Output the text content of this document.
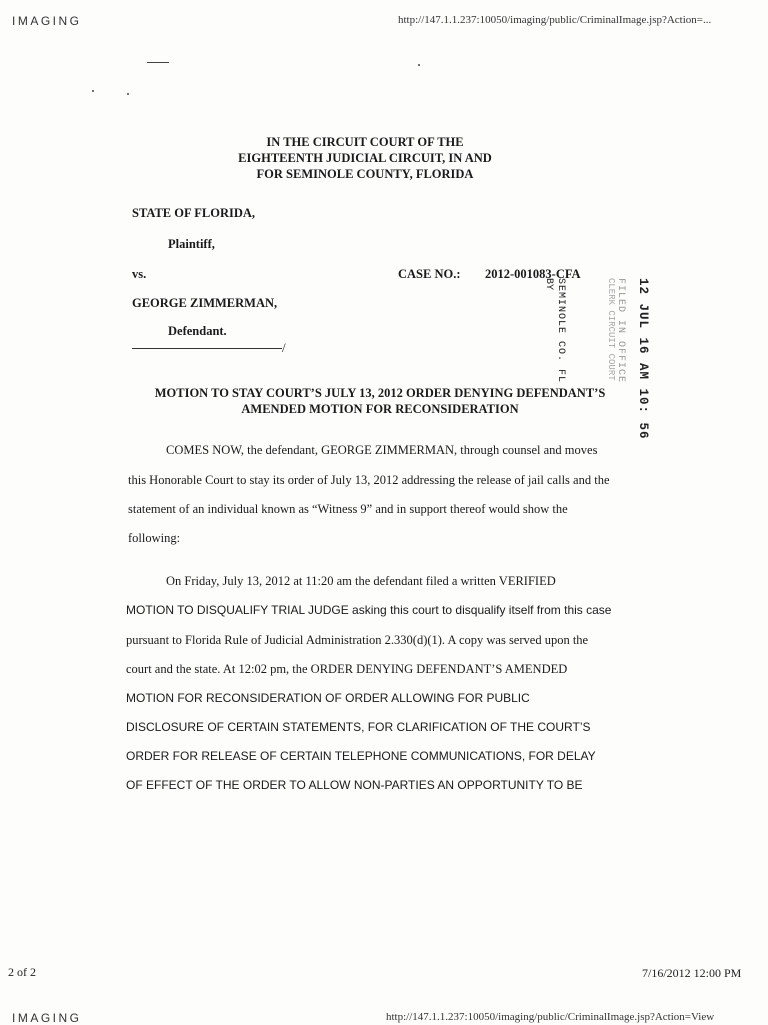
IMAGING	http://147.1.1.237:10050/imaging/public/CriminalImage.jsp?Action=...
IN THE CIRCUIT COURT OF THE
EIGHTEENTH JUDICIAL CIRCUIT, IN AND
FOR SEMINOLE COUNTY, FLORIDA
STATE OF FLORIDA,
Plaintiff,
vs.	CASE NO.: 2012-001083-CFA
GEORGE ZIMMERMAN,
Defendant.
/	12 JUL 16 AM 10: 56
FILED IN OFFICE
CLERK CIRCUIT COURT
BY SEMINOLE CO. FL
MOTION TO STAY COURT’S JULY 13, 2012 ORDER DENYING DEFENDANT’S
AMENDED MOTION FOR RECONSIDERATION
COMES NOW, the defendant, GEORGE ZIMMERMAN, through counsel and moves
this Honorable Court to stay its order of July 13, 2012 addressing the release of jail calls and the
statement of an individual known as “Witness 9” and in support thereof would show the
following:
On Friday, July 13, 2012 at 11:20 am the defendant filed a written VERIFIED
MOTION TO DISQUALIFY TRIAL JUDGE asking this court to disqualify itself from this case
pursuant to Florida Rule of Judicial Administration 2.330(d)(1). A copy was served upon the
court and the state. At 12:02 pm, the ORDER DENYING DEFENDANT’S AMENDED
MOTION FOR RECONSIDERATION OF ORDER ALLOWING FOR PUBLIC
DISCLOSURE OF CERTAIN STATEMENTS, FOR CLARIFICATION OF THE COURT’S
ORDER FOR RELEASE OF CERTAIN TELEPHONE COMMUNICATIONS, FOR DELAY
OF EFFECT OF THE ORDER TO ALLOW NON-PARTIES AN OPPORTUNITY TO BE
2 of 2	7/16/2012 12:00 PM
IMAGING	http://147.1.1.237:10050/imaging/public/CriminalImage.jsp?Action=View
